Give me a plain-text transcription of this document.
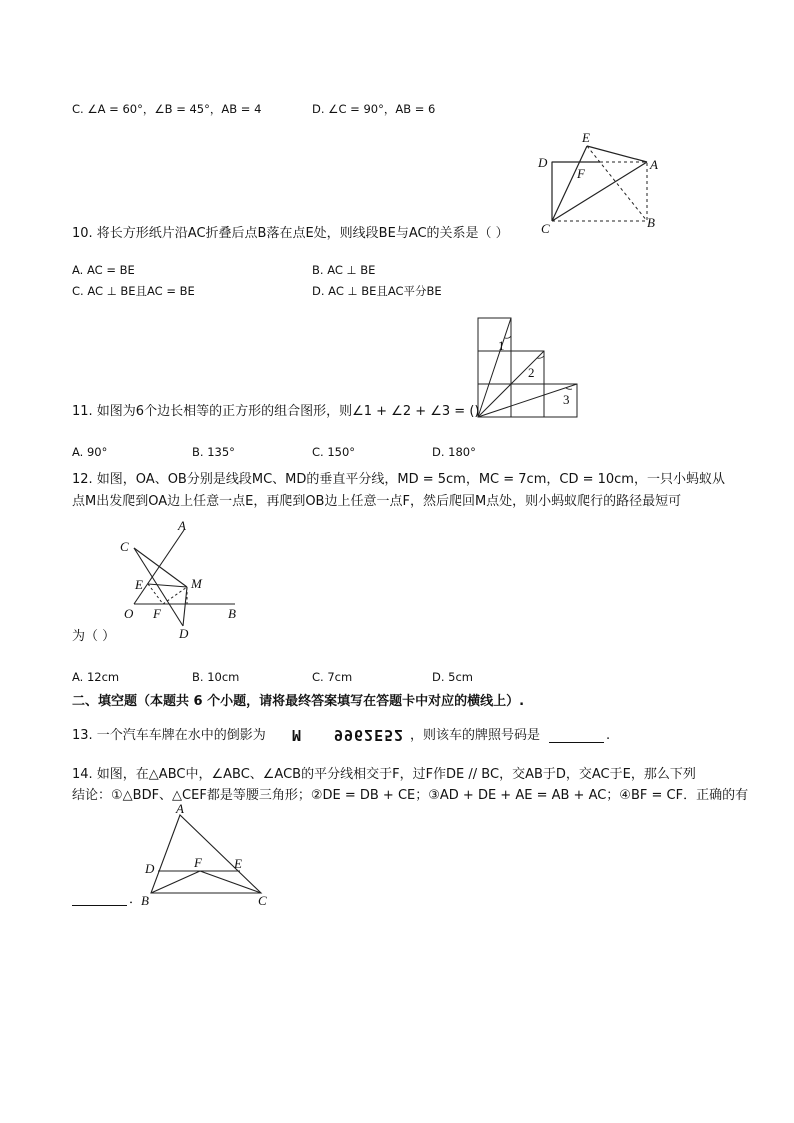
C. ∠A = 60°，∠B = 45°，AB = 4	D. ∠C = 90°，AB = 6
E
D	A
F
C	B
10. 将长方形纸片沿AC折叠后点B落在点E处，则线段BE与AC的关系是（ ）
A. AC = BE	B. AC ⊥ BE
C. AC ⊥ BE且AC = BE	D. AC ⊥ BE且AC平分BE
1
2
3
11. 如图为6个边长相等的正方形的组合图形，则∠1 + ∠2 + ∠3 = ()
A. 90°	B. 135°	C. 150°	D. 180°
12. 如图，OA、OB分别是线段MC、MD的垂直平分线，MD = 5cm，MC = 7cm，CD = 10cm，一只小蚂蚁从
点M出发爬到OA边上任意一点E，再爬到OB边上任意一点F，然后爬回M点处，则小蚂蚁爬行的路径最短可
C
A
E	M
O F	B
D
为（ ）
A. 12cm	B. 10cm	C. 7cm	D. 5cm
二、填空题（本题共 6 个小题，请将最终答案填写在答题卡中对应的横线上）.
13. 一个汽车车牌在水中的倒影为 M 9962E52 ，则该车的牌照号码是	.
14. 如图，在△ABC中，∠ABC、∠ACB的平分线相交于F，过F作DE // BC，交AB于D，交AC于E，那么下列
结论：①△BDF、△CEF都是等腰三角形；②DE = DB + CE；③AD + DE + AE = AB + AC；④BF = CF．正确的有
A
D	F E
B	C
．
